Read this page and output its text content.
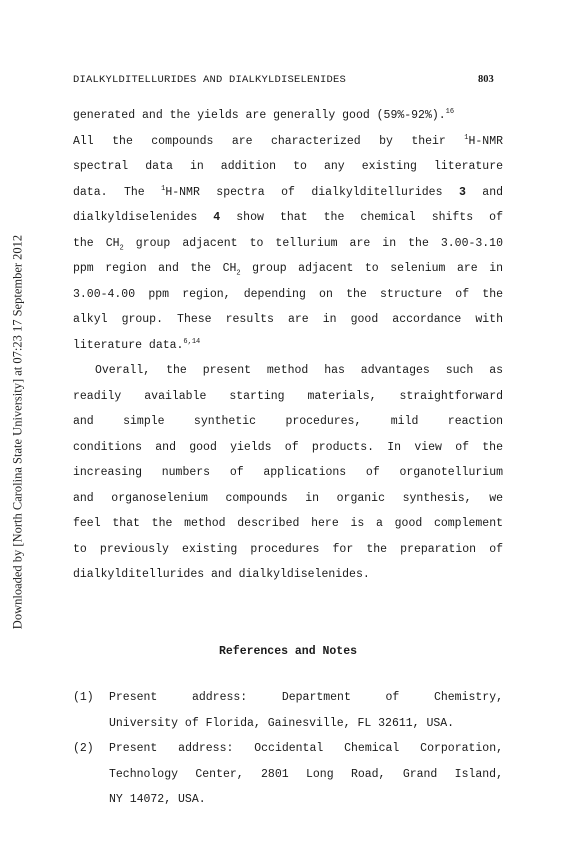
Downloaded by [North Carolina State University] at 07:23 17 September 2012
DIALKYLDITELLURIDES AND DIALKYLDISELENIDES	803
generated and the yields are generally good (59%-92%).$^{16}$
All the compounds are characterized by their $^1$H-NMR
spectral data in addition to any existing literature
data. The $^1$H-NMR spectra of dialkylditellurides 3 and
dialkyldiselenides 4 show that the chemical shifts of
the $CH_2$ group adjacent to tellurium are in the 3.00-3.10
ppm region and the $CH_2$ group adjacent to selenium are in
3.00-4.00 ppm region, depending on the structure of the
alkyl group. These results are in good accordance with
literature data.$^{6,14}$
Overall, the present method has advantages such as
readily available starting materials, straightforward
and simple synthetic procedures, mild reaction
conditions and good yields of products. In view of the
increasing numbers of applications of organotellurium
and organoselenium compounds in organic synthesis, we
feel that the method described here is a good complement
to previously existing procedures for the preparation of
dialkylditellurides and dialkyldiselenides.
References and Notes
(1) Present address: Department of Chemistry,
University of Florida, Gainesville, FL 32611, USA.
(2) Present address: Occidental Chemical Corporation,
Technology Center, 2801 Long Road, Grand Island,
NY 14072, USA.
